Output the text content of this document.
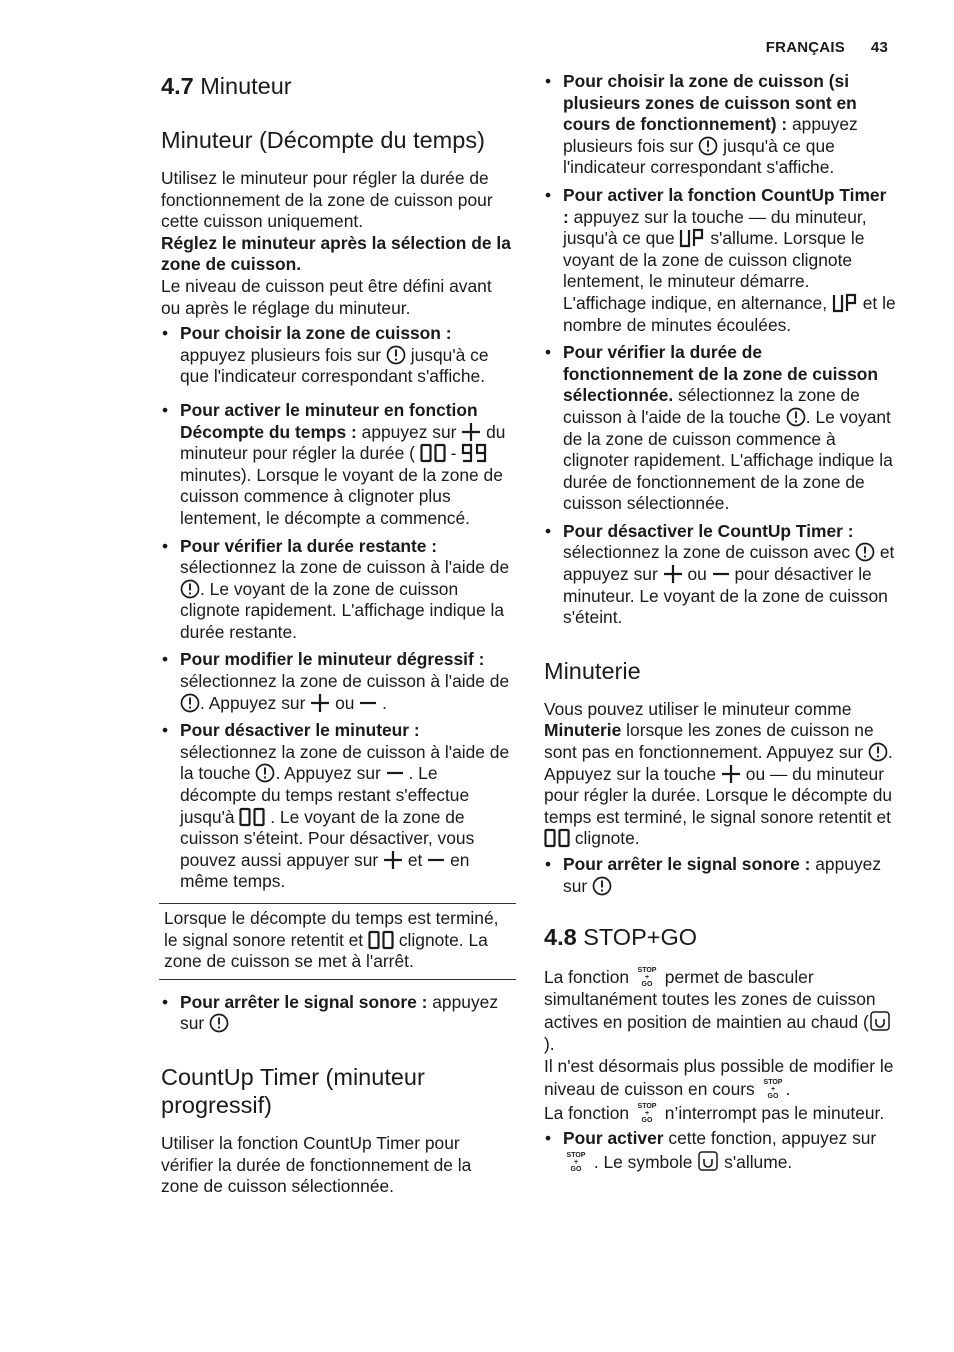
FRANÇAIS 43
4.7 Minuteur
Minuteur (Décompte du temps)

Utilisez le minuteur pour régler la durée de fonctionnement de la zone de cuisson pour cette cuisson uniquement.
Réglez le minuteur après la sélection de la zone de cuisson.
Le niveau de cuisson peut être défini avant ou après le réglage du minuteur.

• Pour choisir la zone de cuisson : appuyez plusieurs fois sur jusqu'à ce que l'indicateur correspondant s'affiche.
• Pour activer le minuteur en fonction Décompte du temps : appuyez sur du minuteur pour régler la durée ( -  minutes). Lorsque le voyant de la zone de cuisson commence à clignoter plus lentement, le décompte a commencé.
• Pour vérifier la durée restante : sélectionnez la zone de cuisson à l'aide de . Le voyant de la zone de cuisson clignote rapidement. L'affichage indique la durée restante.
• Pour modifier le minuteur dégressif : sélectionnez la zone de cuisson à l'aide de . Appuyez sur ou .
• Pour désactiver le minuteur : sélectionnez la zone de cuisson à l'aide de la touche . Appuyez sur . Le décompte du temps restant s'effectue jusqu'à . Le voyant de la zone de cuisson s'éteint. Pour désactiver, vous pouvez aussi appuyer sur et en même temps.

Lorsque le décompte du temps est terminé, le signal sonore retentit et clignote. La zone de cuisson se met à l'arrêt.

• Pour arrêter le signal sonore : appuyez sur
CountUp Timer (minuteur progressif)

Utiliser la fonction CountUp Timer pour vérifier la durée de fonctionnement de la zone de cuisson sélectionnée.

• Pour choisir la zone de cuisson (si plusieurs zones de cuisson sont en cours de fonctionnement) : appuyez plusieurs fois sur jusqu'à ce que l'indicateur correspondant s'affiche.
• Pour activer la fonction CountUp Timer : appuyez sur la touche — du minuteur, jusqu'à ce que s'allume. Lorsque le voyant de la zone de cuisson clignote lentement, le minuteur démarre. L'affichage indique, en alternance, et le nombre de minutes écoulées.
• Pour vérifier la durée de fonctionnement de la zone de cuisson sélectionnée. sélectionnez la zone de cuisson à l'aide de la touche . Le voyant de la zone de cuisson commence à clignoter rapidement. L'affichage indique la durée de fonctionnement de la zone de cuisson sélectionnée.
• Pour désactiver le CountUp Timer : sélectionnez la zone de cuisson avec et appuyez sur ou pour désactiver le minuteur. Le voyant de la zone de cuisson s'éteint.
Minuterie

Vous pouvez utiliser le minuteur comme Minuterie lorsque les zones de cuisson ne sont pas en fonctionnement. Appuyez sur . Appuyez sur la touche ou — du minuteur pour régler la durée. Lorsque le décompte du temps est terminé, le signal sonore retentit et  clignote.

• Pour arrêter le signal sonore : appuyez sur
4.8 STOP+GO

La fonction STOP
+
GO permet de basculer simultanément toutes les zones de cuisson actives en position de maintien au chaud ().
Il n'est désormais plus possible de modifier le niveau de cuisson en cours STOP
+
GO .
La fonction STOP
+
GO n’interrompt pas le minuteur.

• Pour activer cette fonction, appuyez sur
STOP
+
GO . Le symbole s'allume.
